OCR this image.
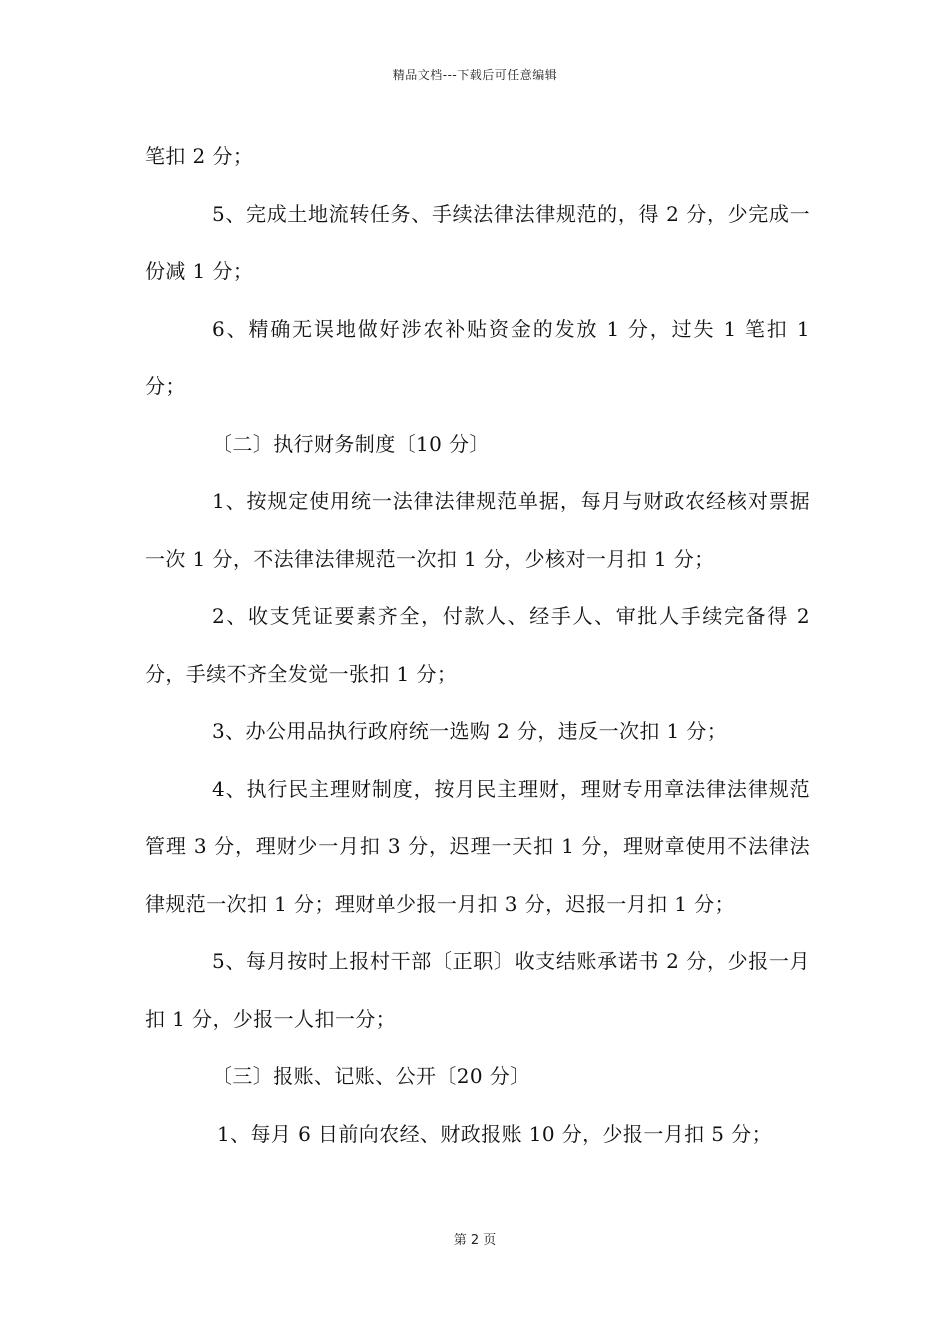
精品文档---下载后可任意编辑

笔扣 2 分；

5、完成土地流转任务、手续法律法律规范的，得 2 分，少完成一份减 1 分；

6、精确无误地做好涉农补贴资金的发放 1 分，过失 1 笔扣 1 分；

〔二〕执行财务制度〔10 分〕

1、按规定使用统一法律法律规范单据，每月与财政农经核对票据一次 1 分，不法律法律规范一次扣 1 分，少核对一月扣 1 分；

2、收支凭证要素齐全，付款人、经手人、审批人手续完备得 2 分，手续不齐全发觉一张扣 1 分；

3、办公用品执行政府统一选购 2 分，违反一次扣 1 分；

4、执行民主理财制度，按月民主理财，理财专用章法律法律规范管理 3 分，理财少一月扣 3 分，迟理一天扣 1 分，理财章使用不法律法律规范一次扣 1 分；理财单少报一月扣 3 分，迟报一月扣 1 分；

5、每月按时上报村干部〔正职〕收支结账承诺书 2 分，少报一月扣 1 分，少报一人扣一分；

〔三〕报账、记账、公开〔20 分〕

1、每月 6 日前向农经、财政报账 10 分，少报一月扣 5 分；

第 2 页
